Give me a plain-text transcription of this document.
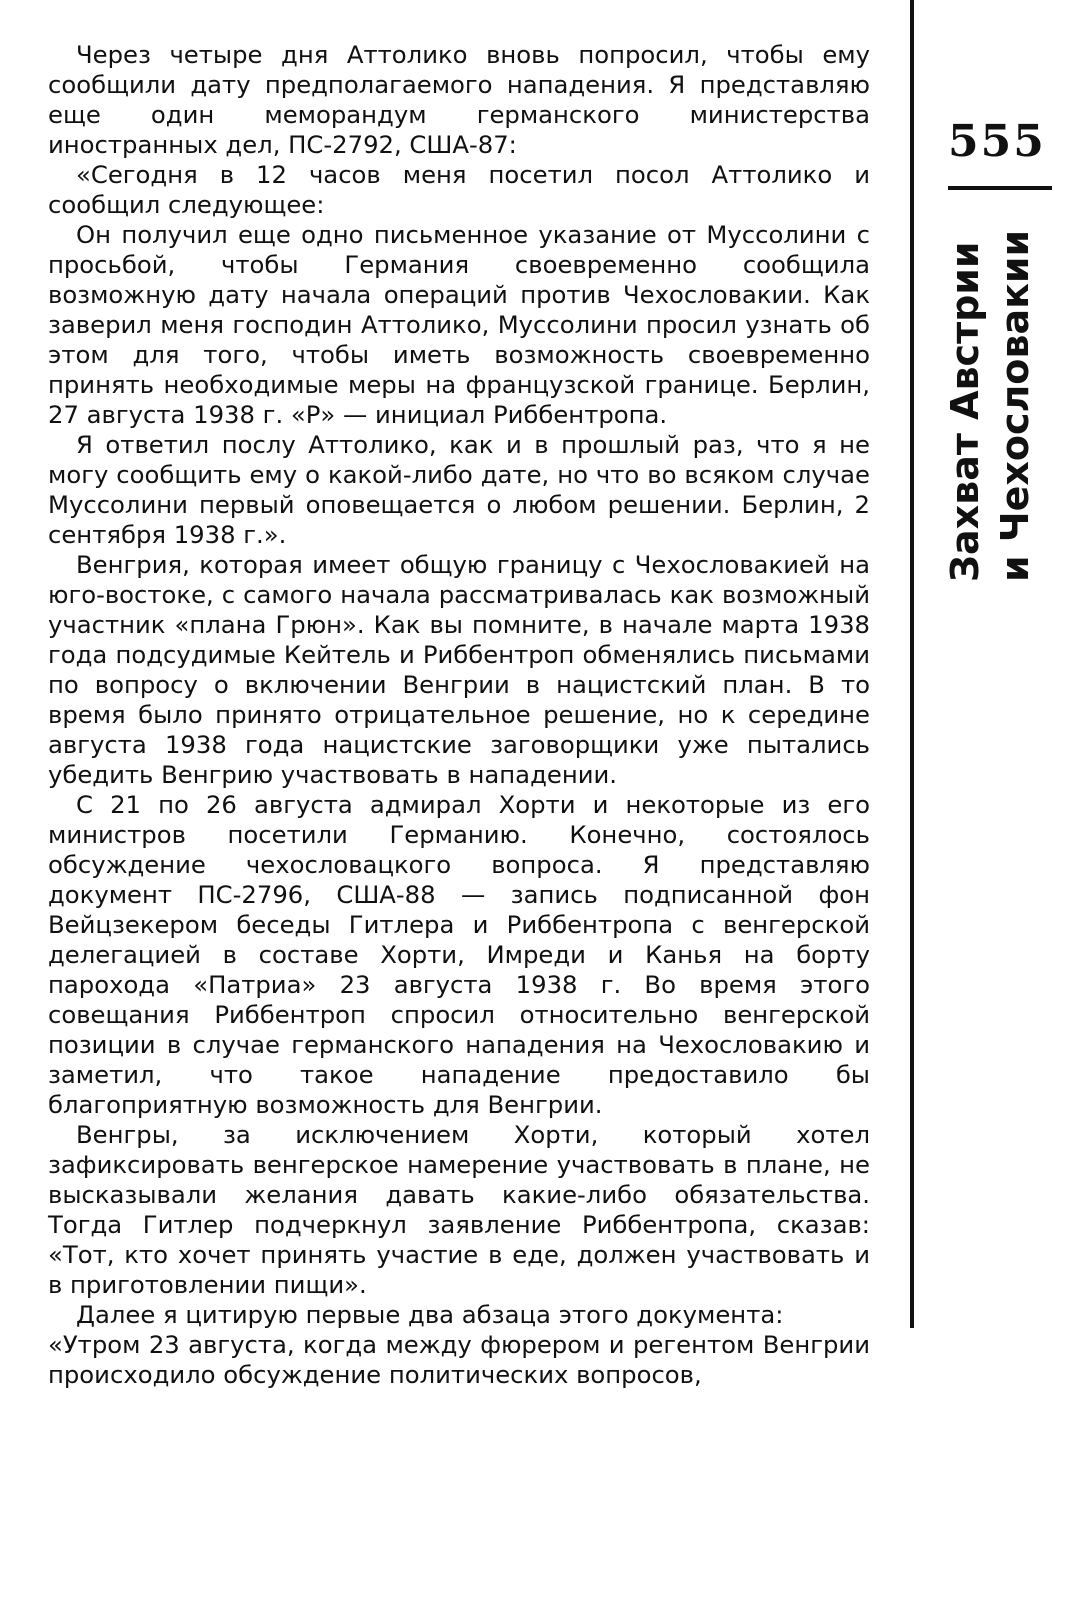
Через четыре дня Аттолико вновь попросил, чтобы ему сообщили дату предполагаемого нападения. Я представляю еще один меморандум германского министерства иностранных дел, ПС-2792, США-87:

«Сегодня в 12 часов меня посетил посол Аттолико и сообщил следующее:

Он получил еще одно письменное указание от Муссолини с просьбой, чтобы Германия своевременно сообщила возможную дату начала операций против Чехословакии. Как заверил меня господин Аттолико, Муссолини просил узнать об этом для того, чтобы иметь возможность своевременно принять необходимые меры на французской границе. Берлин, 27 августа 1938 г. «Р» — инициал Риббентропа.

Я ответил послу Аттолико, как и в прошлый раз, что я не могу сообщить ему о какой-либо дате, но что во всяком случае Муссолини первый оповещается о любом решении. Берлин, 2 сентября 1938 г.».

Венгрия, которая имеет общую границу с Чехословакией на юго-востоке, с самого начала рассматривалась как возможный участник «плана Грюн». Как вы помните, в начале марта 1938 года подсудимые Кейтель и Риббентроп обменялись письмами по вопросу о включении Венгрии в нацистский план. В то время было принято отрицательное решение, но к середине августа 1938 года нацистские заговорщики уже пытались убедить Венгрию участвовать в нападении.

С 21 по 26 августа адмирал Хорти и некоторые из его министров посетили Германию. Конечно, состоялось обсуждение чехословацкого вопроса. Я представляю документ ПС-2796, США-88 — запись подписанной фон Вейцзекером беседы Гитлера и Риббентропа с венгерской делегацией в составе Хорти, Имреди и Канья на борту парохода «Патриа» 23 августа 1938 г. Во время этого совещания Риббентроп спросил относительно венгерской позиции в случае германского нападения на Чехословакию и заметил, что такое нападение предоставило бы благоприятную возможность для Венгрии.

Венгры, за исключением Хорти, который хотел зафиксировать венгерское намерение участвовать в плане, не высказывали желания давать какие-либо обязательства. Тогда Гитлер подчеркнул заявление Риббентропа, сказав: «Тот, кто хочет принять участие в еде, должен участвовать и в приготовлении пищи».

Далее я цитирую первые два абзаца этого документа:

«Утром 23 августа, когда между фюрером и регентом Венгрии происходило обсуждение политических вопросов,

555
Захват Австрии и Чехословакии
